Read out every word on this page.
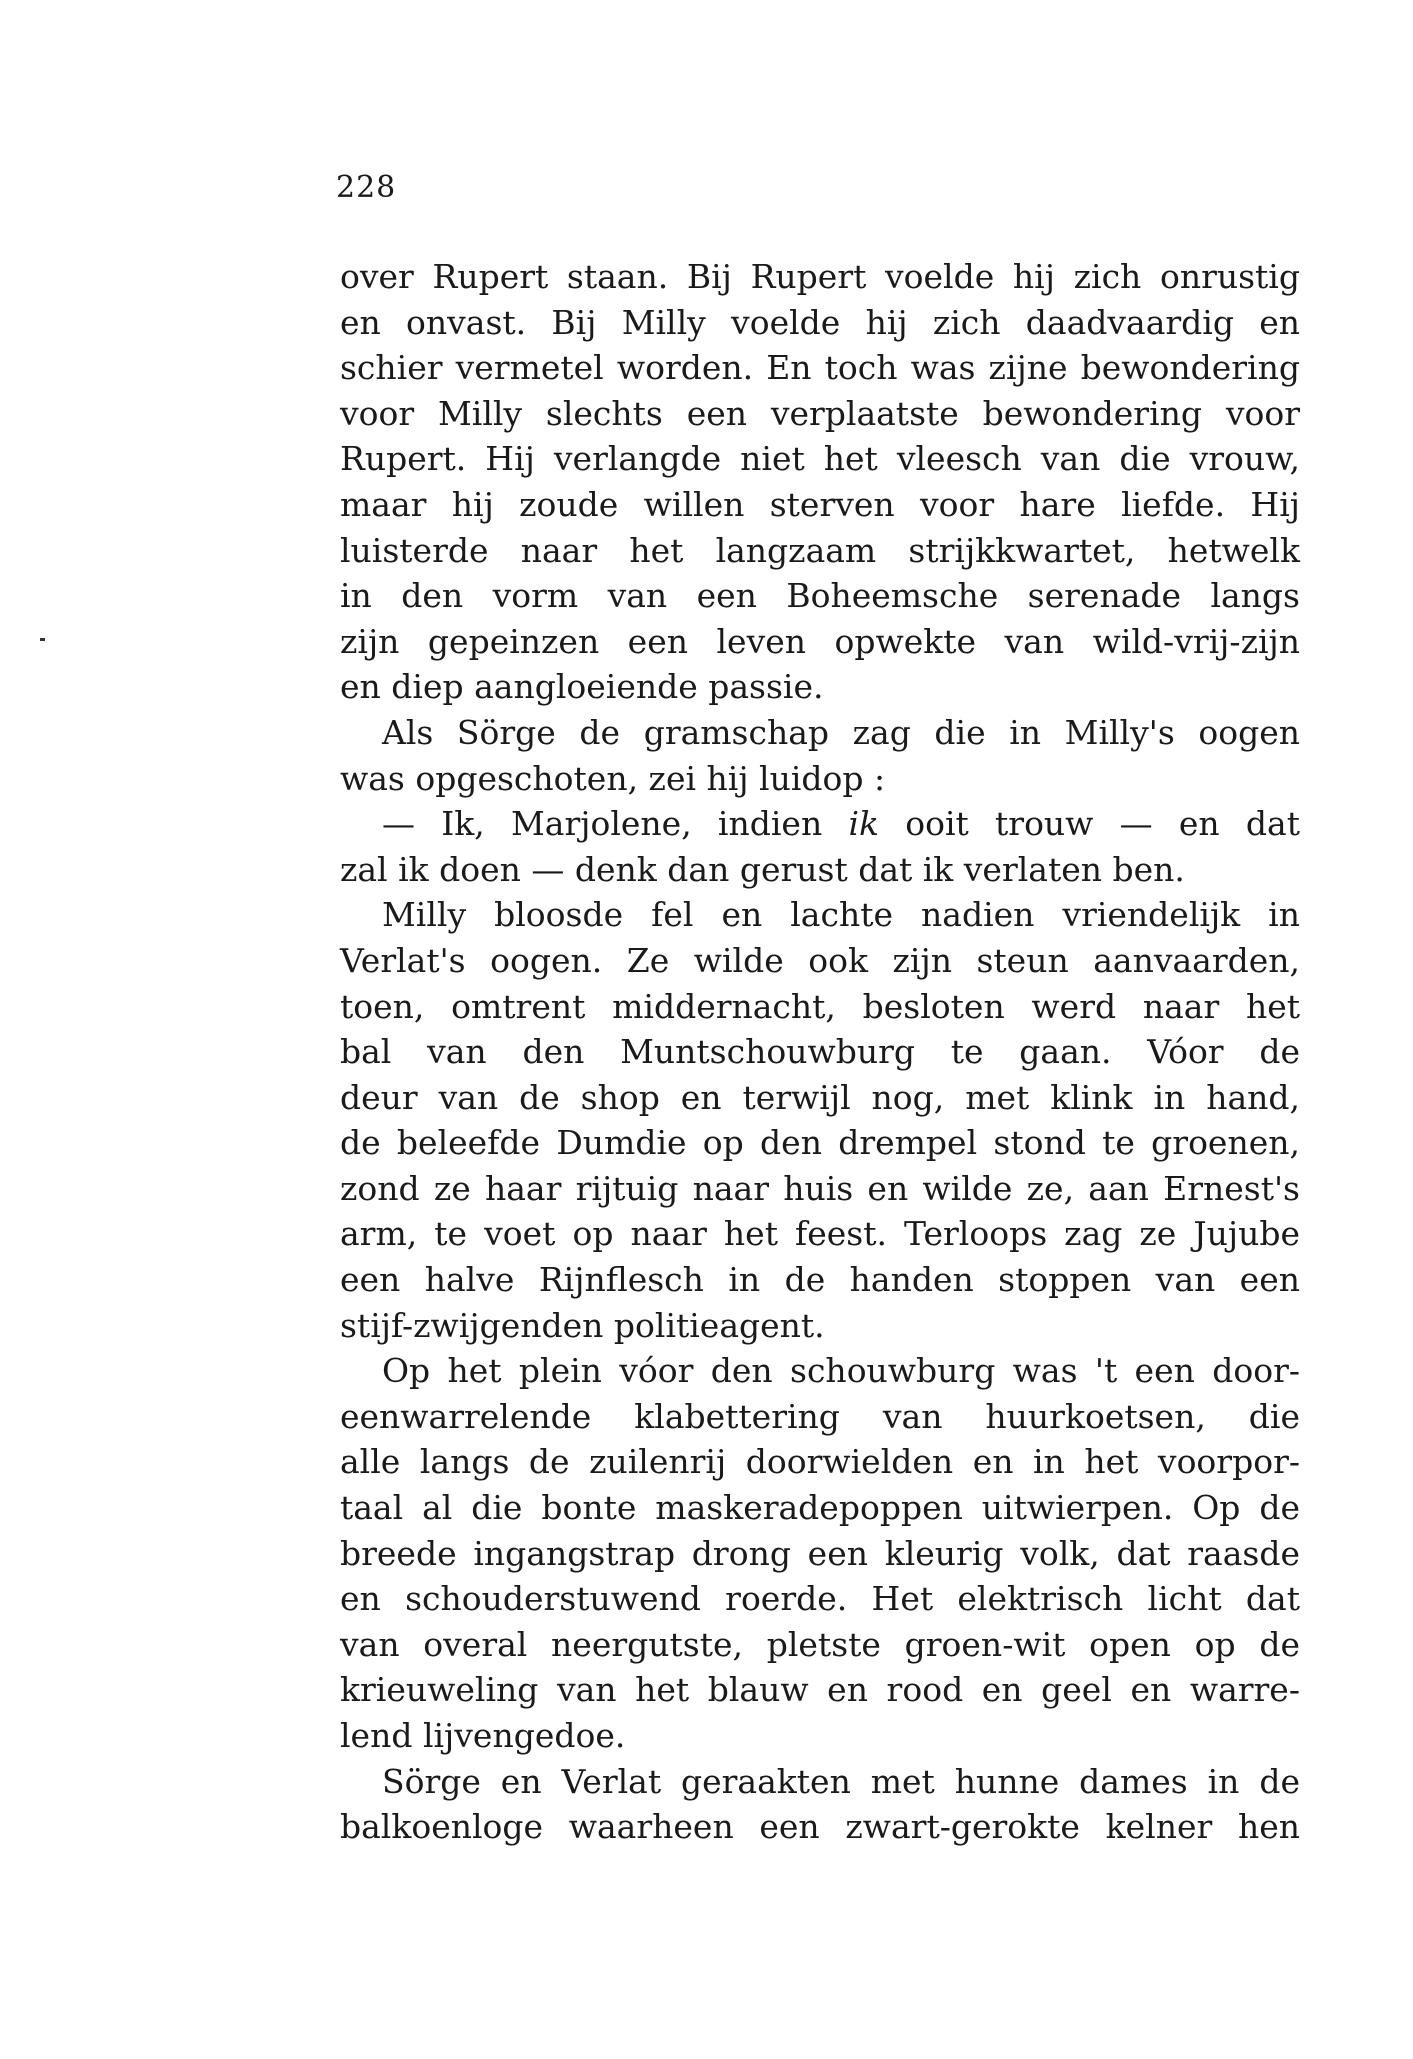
228
over Rupert staan. Bij Rupert voelde hij zich onrustig
en onvast. Bij Milly voelde hij zich daadvaardig en
schier vermetel worden. En toch was zijne bewondering
voor Milly slechts een verplaatste bewondering voor
Rupert. Hij verlangde niet het vleesch van die vrouw,
maar hij zoude willen sterven voor hare liefde. Hij
luisterde naar het langzaam strijkkwartet, hetwelk
in den vorm van een Boheemsche serenade langs
zijn gepeinzen een leven opwekte van wild-vrij-zijn
en diep aangloeiende passie.
Als Sörge de gramschap zag die in Milly's oogen
was opgeschoten, zei hij luidop :
— Ik, Marjolene, indien ik ooit trouw — en dat
zal ik doen — denk dan gerust dat ik verlaten ben.
Milly bloosde fel en lachte nadien vriendelijk in
Verlat's oogen. Ze wilde ook zijn steun aanvaarden,
toen, omtrent middernacht, besloten werd naar het
bal van den Muntschouwburg te gaan. Vóor de
deur van de shop en terwijl nog, met klink in hand,
de beleefde Dumdie op den drempel stond te groenen,
zond ze haar rijtuig naar huis en wilde ze, aan Ernest's
arm, te voet op naar het feest. Terloops zag ze Jujube
een halve Rijnflesch in de handen stoppen van een
stijf-zwijgenden politieagent.
Op het plein vóor den schouwburg was 't een door-
eenwarrelende klabettering van huurkoetsen, die
alle langs de zuilenrij doorwielden en in het voorpor-
taal al die bonte maskeradepoppen uitwierpen. Op de
breede ingangstrap drong een kleurig volk, dat raasde
en schouderstuwend roerde. Het elektrisch licht dat
van overal neergutste, pletste groen-wit open op de
krieuweling van het blauw en rood en geel en warre-
lend lijvengedoe.
Sörge en Verlat geraakten met hunne dames in de
balkoenloge waarheen een zwart-gerokte kelner hen
